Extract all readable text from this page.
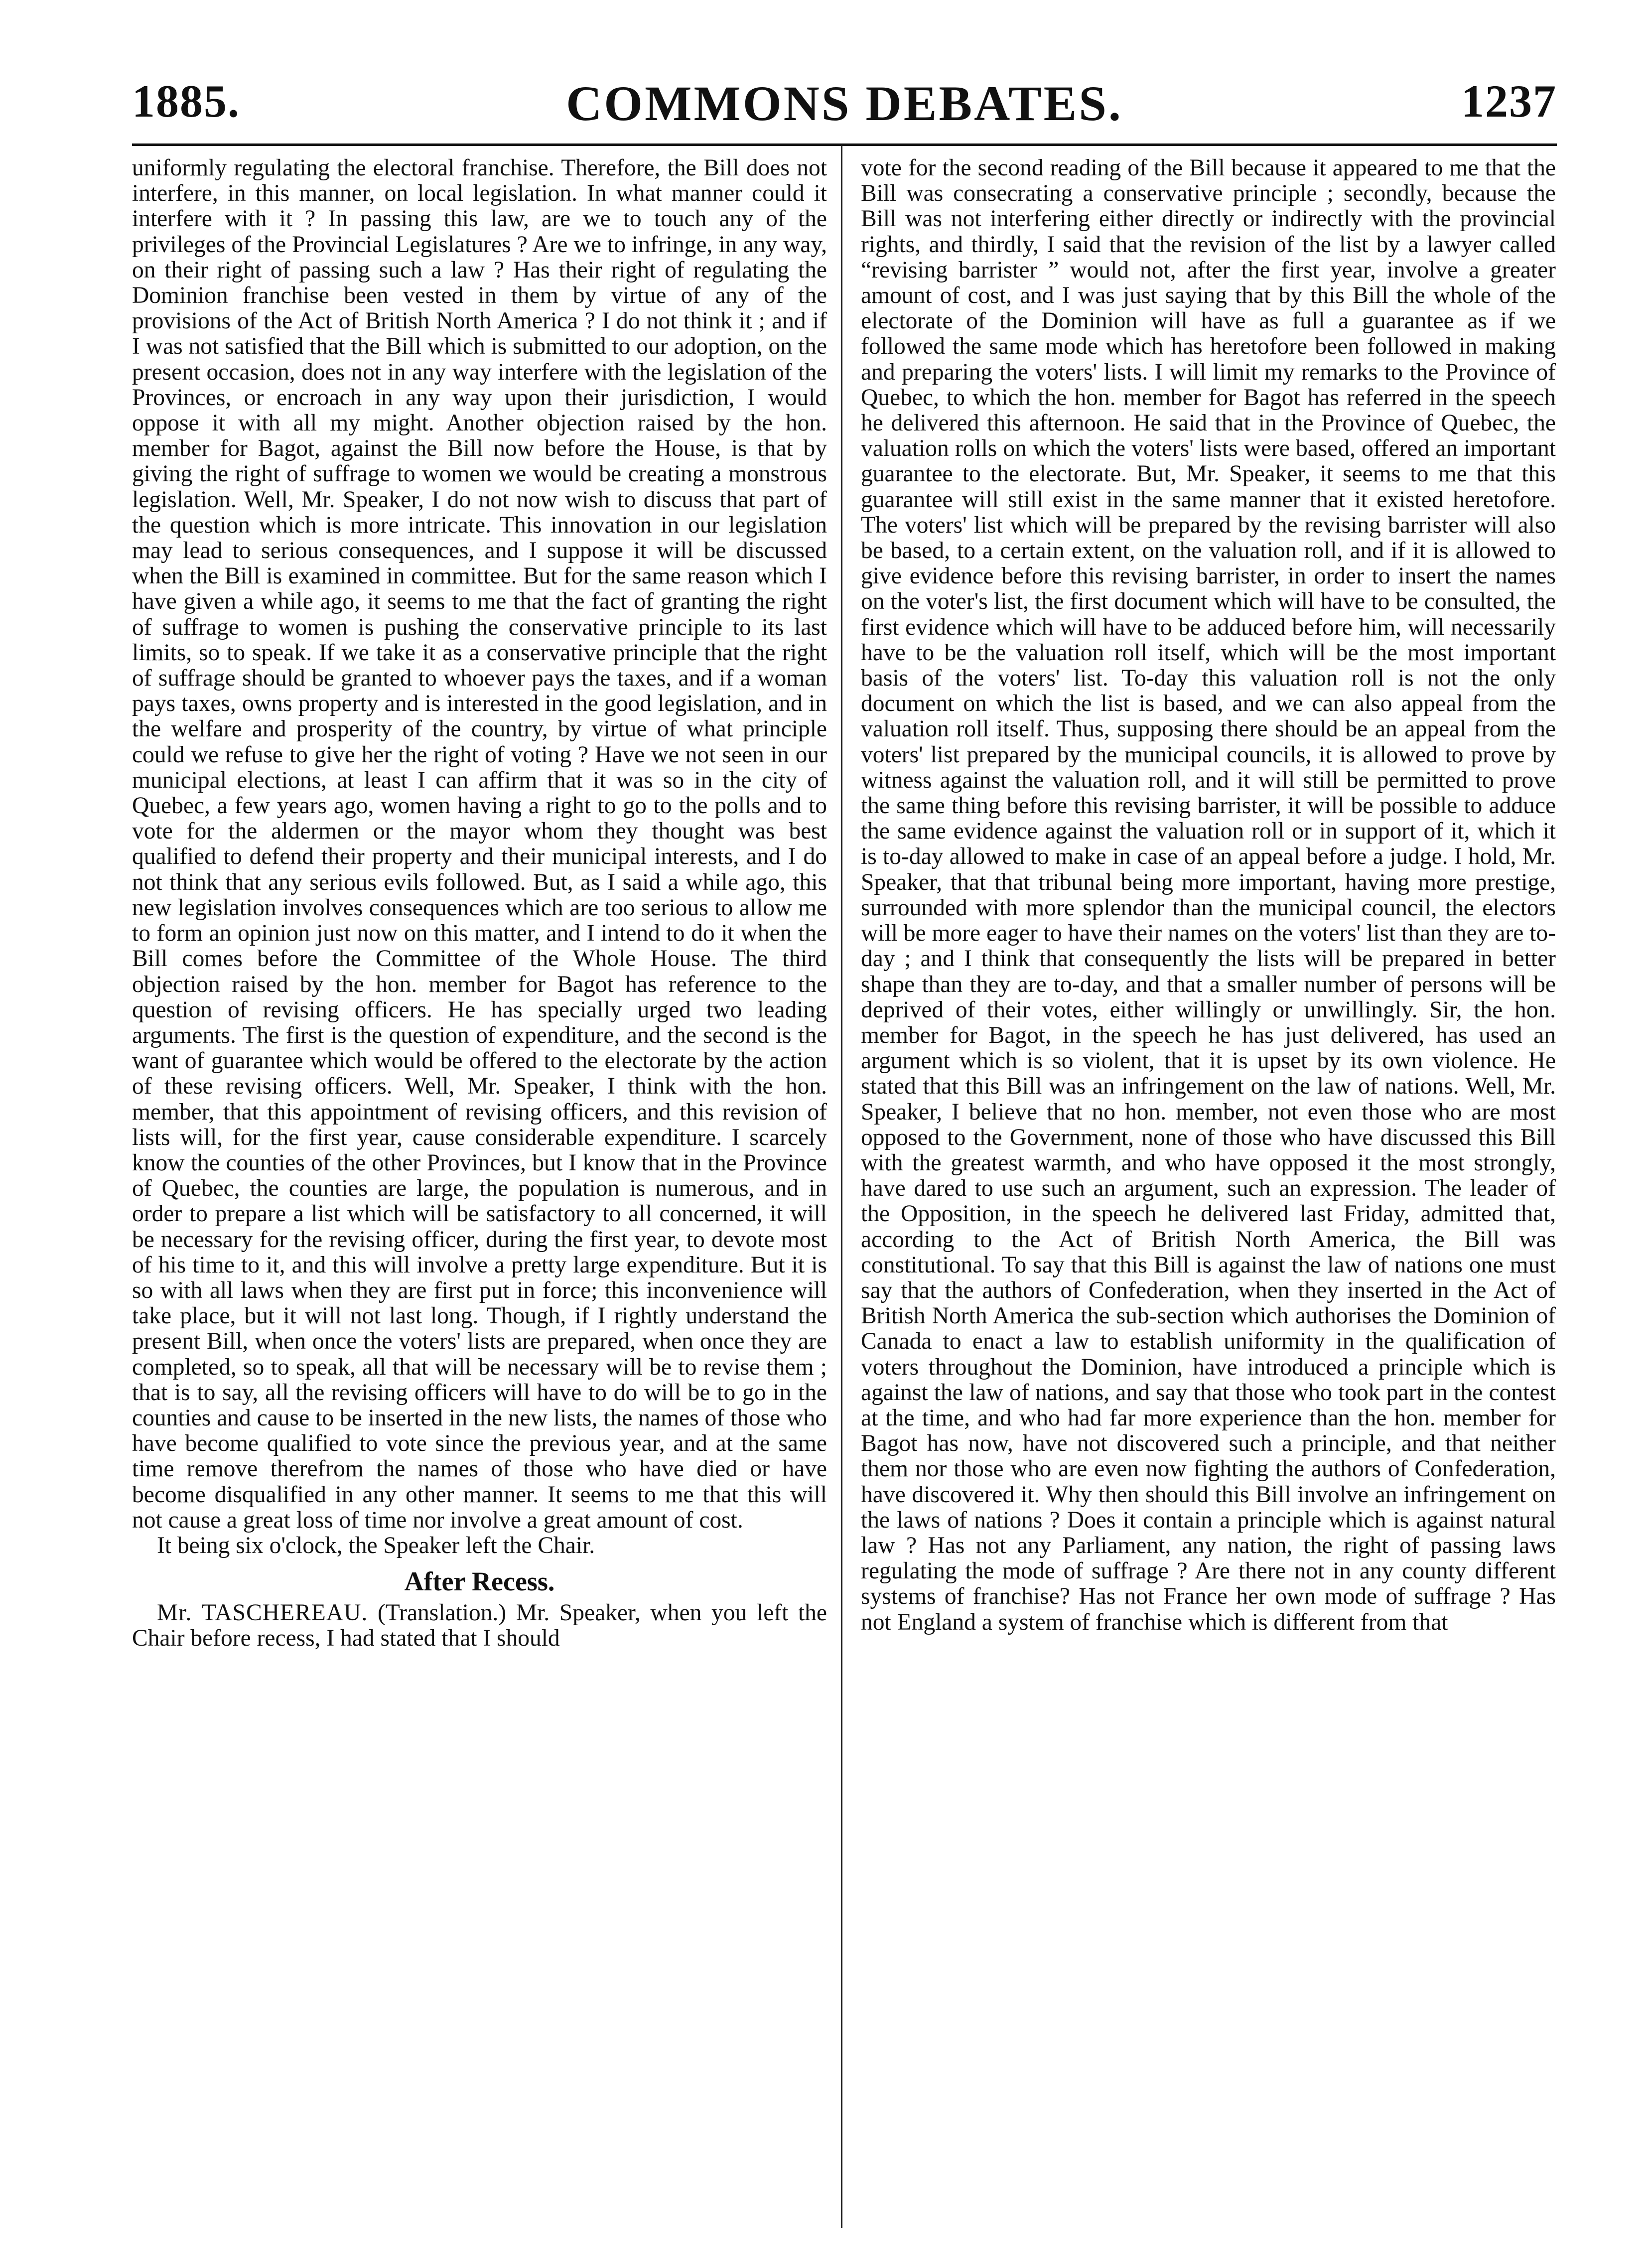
1885.	COMMONS DEBATES.	1237

uniformly regulating the electoral franchise. Therefore, the Bill does not interfere, in this manner, on local legislation. In what manner could it interfere with it ? In passing this law, are we to touch any of the privileges of the Provincial Legislatures ? Are we to infringe, in any way, on their right of passing such a law ? Has their right of regulating the Dominion franchise been vested in them by virtue of any of the provisions of the Act of British North America ? I do not think it ; and if I was not satisfied that the Bill which is submitted to our adoption, on the present occasion, does not in any way interfere with the legislation of the Provinces, or encroach in any way upon their jurisdiction, I would oppose it with all my might. Another objection raised by the hon. member for Bagot, against the Bill now before the House, is that by giving the right of suffrage to women we would be creating a monstrous legislation. Well, Mr. Speaker, I do not now wish to discuss that part of the question which is more intricate. This innovation in our legislation may lead to serious consequences, and I suppose it will be discussed when the Bill is examined in committee. But for the same reason which I have given a while ago, it seems to me that the fact of granting the right of suffrage to women is pushing the conservative principle to its last limits, so to speak. If we take it as a conservative principle that the right of suffrage should be granted to whoever pays the taxes, and if a woman pays taxes, owns property and is interested in the good legislation, and in the welfare and prosperity of the country, by virtue of what principle could we refuse to give her the right of voting ? Have we not seen in our municipal elections, at least I can affirm that it was so in the city of Quebec, a few years ago, women having a right to go to the polls and to vote for the aldermen or the mayor whom they thought was best qualified to defend their property and their municipal interests, and I do not think that any serious evils followed. But, as I said a while ago, this new legislation involves consequences which are too serious to allow me to form an opinion just now on this matter, and I intend to do it when the Bill comes before the Committee of the Whole House. The third objection raised by the hon. member for Bagot has reference to the question of revising officers. He has specially urged two leading arguments. The first is the question of expenditure, and the second is the want of guarantee which would be offered to the electorate by the action of these revising officers. Well, Mr. Speaker, I think with the hon. member, that this appointment of revising officers, and this revision of lists will, for the first year, cause considerable expenditure. I scarcely know the counties of the other Provinces, but I know that in the Province of Quebec, the counties are large, the population is numerous, and in order to prepare a list which will be satisfactory to all concerned, it will be necessary for the revising officer, during the first year, to devote most of his time to it, and this will involve a pretty large expenditure. But it is so with all laws when they are first put in force; this inconvenience will take place, but it will not last long. Though, if I rightly understand the present Bill, when once the voters' lists are prepared, when once they are completed, so to speak, all that will be necessary will be to revise them ; that is to say, all the revising officers will have to do will be to go in the counties and cause to be inserted in the new lists, the names of those who have become qualified to vote since the previous year, and at the same time remove therefrom the names of those who have died or have become disqualified in any other manner. It seems to me that this will not cause a great loss of time nor involve a great amount of cost.

It being six o'clock, the Speaker left the Chair.

After Recess.

Mr. TASCHEREAU. (Translation.) Mr. Speaker, when you left the Chair before recess, I had stated that I should

vote for the second reading of the Bill because it appeared to me that the Bill was consecrating a conservative principle ; secondly, because the Bill was not interfering either directly or indirectly with the provincial rights, and thirdly, I said that the revision of the list by a lawyer called “revising barrister ” would not, after the first year, involve a greater amount of cost, and I was just saying that by this Bill the whole of the electorate of the Dominion will have as full a guarantee as if we followed the same mode which has heretofore been followed in making and preparing the voters' lists. I will limit my remarks to the Province of Quebec, to which the hon. member for Bagot has referred in the speech he delivered this afternoon. He said that in the Province of Quebec, the valuation rolls on which the voters' lists were based, offered an important guarantee to the electorate. But, Mr. Speaker, it seems to me that this guarantee will still exist in the same manner that it existed heretofore. The voters' list which will be prepared by the revising barrister will also be based, to a certain extent, on the valuation roll, and if it is allowed to give evidence before this revising barrister, in order to insert the names on the voter's list, the first document which will have to be consulted, the first evidence which will have to be adduced before him, will necessarily have to be the valuation roll itself, which will be the most important basis of the voters' list. To-day this valuation roll is not the only document on which the list is based, and we can also appeal from the valuation roll itself. Thus, supposing there should be an appeal from the voters' list prepared by the municipal councils, it is allowed to prove by witness against the valuation roll, and it will still be permitted to prove the same thing before this revising barrister, it will be possible to adduce the same evidence against the valuation roll or in support of it, which it is to-day allowed to make in case of an appeal before a judge. I hold, Mr. Speaker, that that tribunal being more important, having more prestige, surrounded with more splendor than the municipal council, the electors will be more eager to have their names on the voters' list than they are to-day ; and I think that consequently the lists will be prepared in better shape than they are to-day, and that a smaller number of persons will be deprived of their votes, either willingly or unwillingly. Sir, the hon. member for Bagot, in the speech he has just delivered, has used an argument which is so violent, that it is upset by its own violence. He stated that this Bill was an infringement on the law of nations. Well, Mr. Speaker, I believe that no hon. member, not even those who are most opposed to the Government, none of those who have discussed this Bill with the greatest warmth, and who have opposed it the most strongly, have dared to use such an argument, such an expression. The leader of the Opposition, in the speech he delivered last Friday, admitted that, according to the Act of British North America, the Bill was constitutional. To say that this Bill is against the law of nations one must say that the authors of Confederation, when they inserted in the Act of British North America the sub-section which authorises the Dominion of Canada to enact a law to establish uniformity in the qualification of voters throughout the Dominion, have introduced a principle which is against the law of nations, and say that those who took part in the contest at the time, and who had far more experience than the hon. member for Bagot has now, have not discovered such a principle, and that neither them nor those who are even now fighting the authors of Confederation, have discovered it. Why then should this Bill involve an infringement on the laws of nations ? Does it contain a principle which is against natural law ? Has not any Parliament, any nation, the right of passing laws regulating the mode of suffrage ? Are there not in any county different systems of franchise? Has not France her own mode of suffrage ? Has not England a system of franchise which is different from that
